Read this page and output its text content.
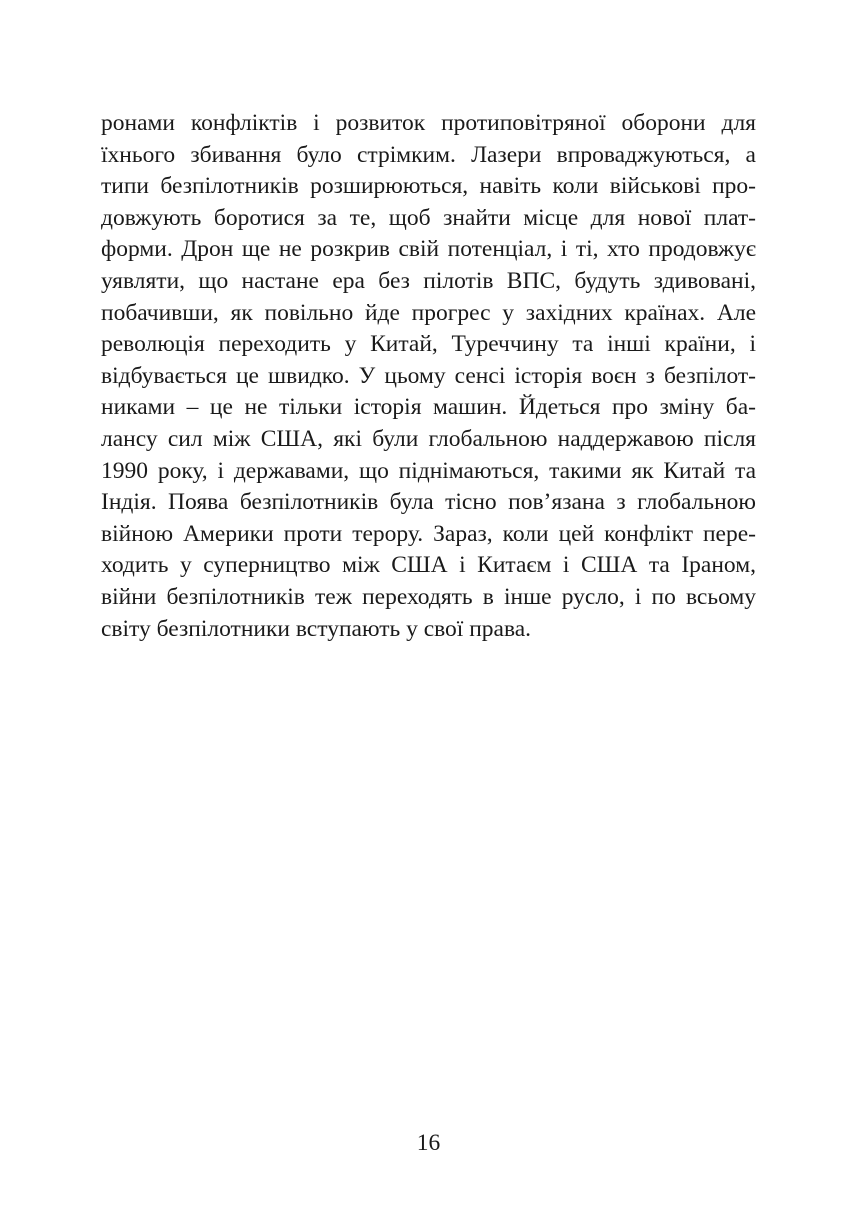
ронами конфліктів і розвиток протиповітряної оборони для
їхнього збивання було стрімким. Лазери впроваджуються, а
типи безпілотників розширюються, навіть коли військові про-
довжують боротися за те, щоб знайти місце для нової плат-
форми. Дрон ще не розкрив свій потенціал, і ті, хто продовжує
уявляти, що настане ера без пілотів ВПС, будуть здивовані,
побачивши, як повільно йде прогрес у західних країнах. Але
революція переходить у Китай, Туреччину та інші країни, і
відбувається це швидко. У цьому сенсі історія воєн з безпілот-
никами – це не тільки історія машин. Йдеться про зміну ба-
лансу сил між США, які були глобальною наддержавою після
1990 року, і державами, що піднімаються, такими як Китай та
Індія. Поява безпілотників була тісно пов’язана з глобальною
війною Америки проти терору. Зараз, коли цей конфлікт пере-
ходить у суперництво між США і Китаєм і США та Іраном,
війни безпілотників теж переходять в інше русло, і по всьому
світу безпілотники вступають у свої права.
16
